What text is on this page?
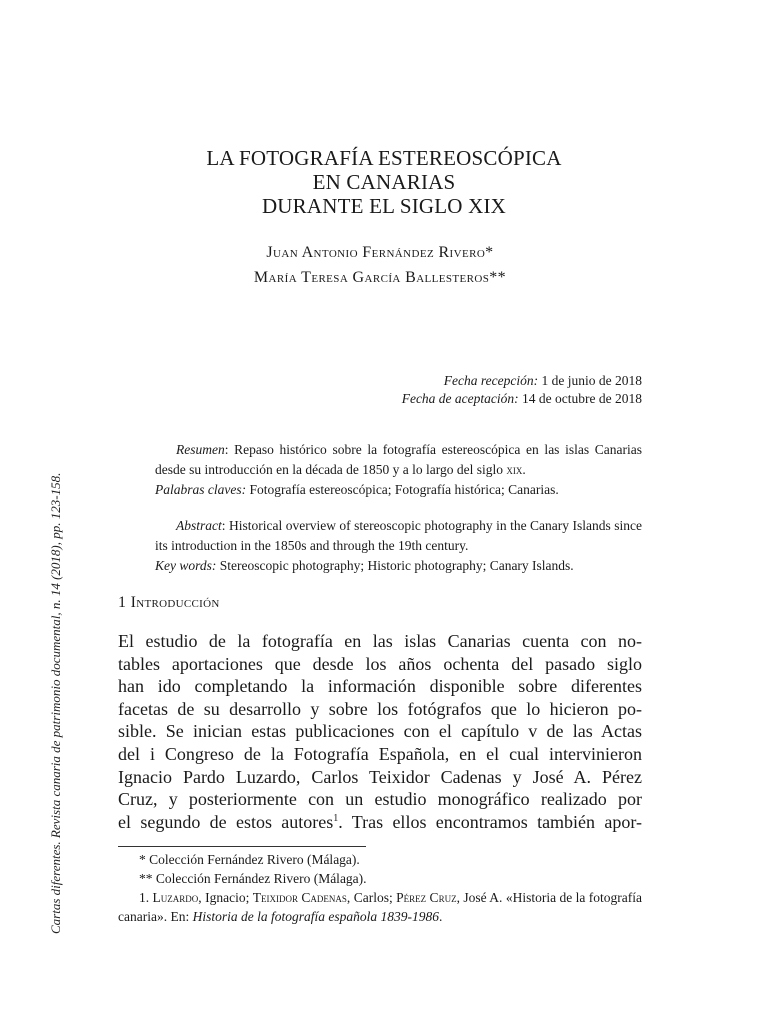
Cartas diferentes. Revista canaria de patrimonio documental, n. 14 (2018), pp. 123-158.
LA FOTOGRAFÍA ESTEREOSCÓPICA
EN CANARIAS
DURANTE EL SIGLO XIX
Juan Antonio Fernández Rivero*
María Teresa García Ballesteros**
Fecha recepción: 1 de junio de 2018
Fecha de aceptación: 14 de octubre de 2018

Resumen: Repaso histórico sobre la fotografía estereoscópica en las islas Canarias desde su introducción en la década de 1850 y a lo largo del siglo xix.

Palabras claves: Fotografía estereoscópica; Fotografía histórica; Canarias.

Abstract: Historical overview of stereoscopic photography in the Canary Islands since its introduction in the 1850s and through the 19th century.

Key words: Stereoscopic photography; Historic photography; Canary Islands.

1 Introducción
El estudio de la fotografía en las islas Canarias cuenta con no-
tables aportaciones que desde los años ochenta del pasado siglo
han ido completando la información disponible sobre diferentes
facetas de su desarrollo y sobre los fotógrafos que lo hicieron po-
sible. Se inician estas publicaciones con el capítulo v de las Actas
del i Congreso de la Fotografía Española, en el cual intervinieron
Ignacio Pardo Luzardo, Carlos Teixidor Cadenas y José A. Pérez
Cruz, y posteriormente con un estudio monográfico realizado por
el segundo de estos autores$^1$. Tras ellos encontramos también apor-

* Colección Fernández Rivero (Málaga).

** Colección Fernández Rivero (Málaga).

1. Luzardo, Ignacio; Teixidor Cadenas, Carlos; Pérez Cruz, José A. «Historia de la fotografía canaria». En: Historia de la fotografía española 1839-1986.
